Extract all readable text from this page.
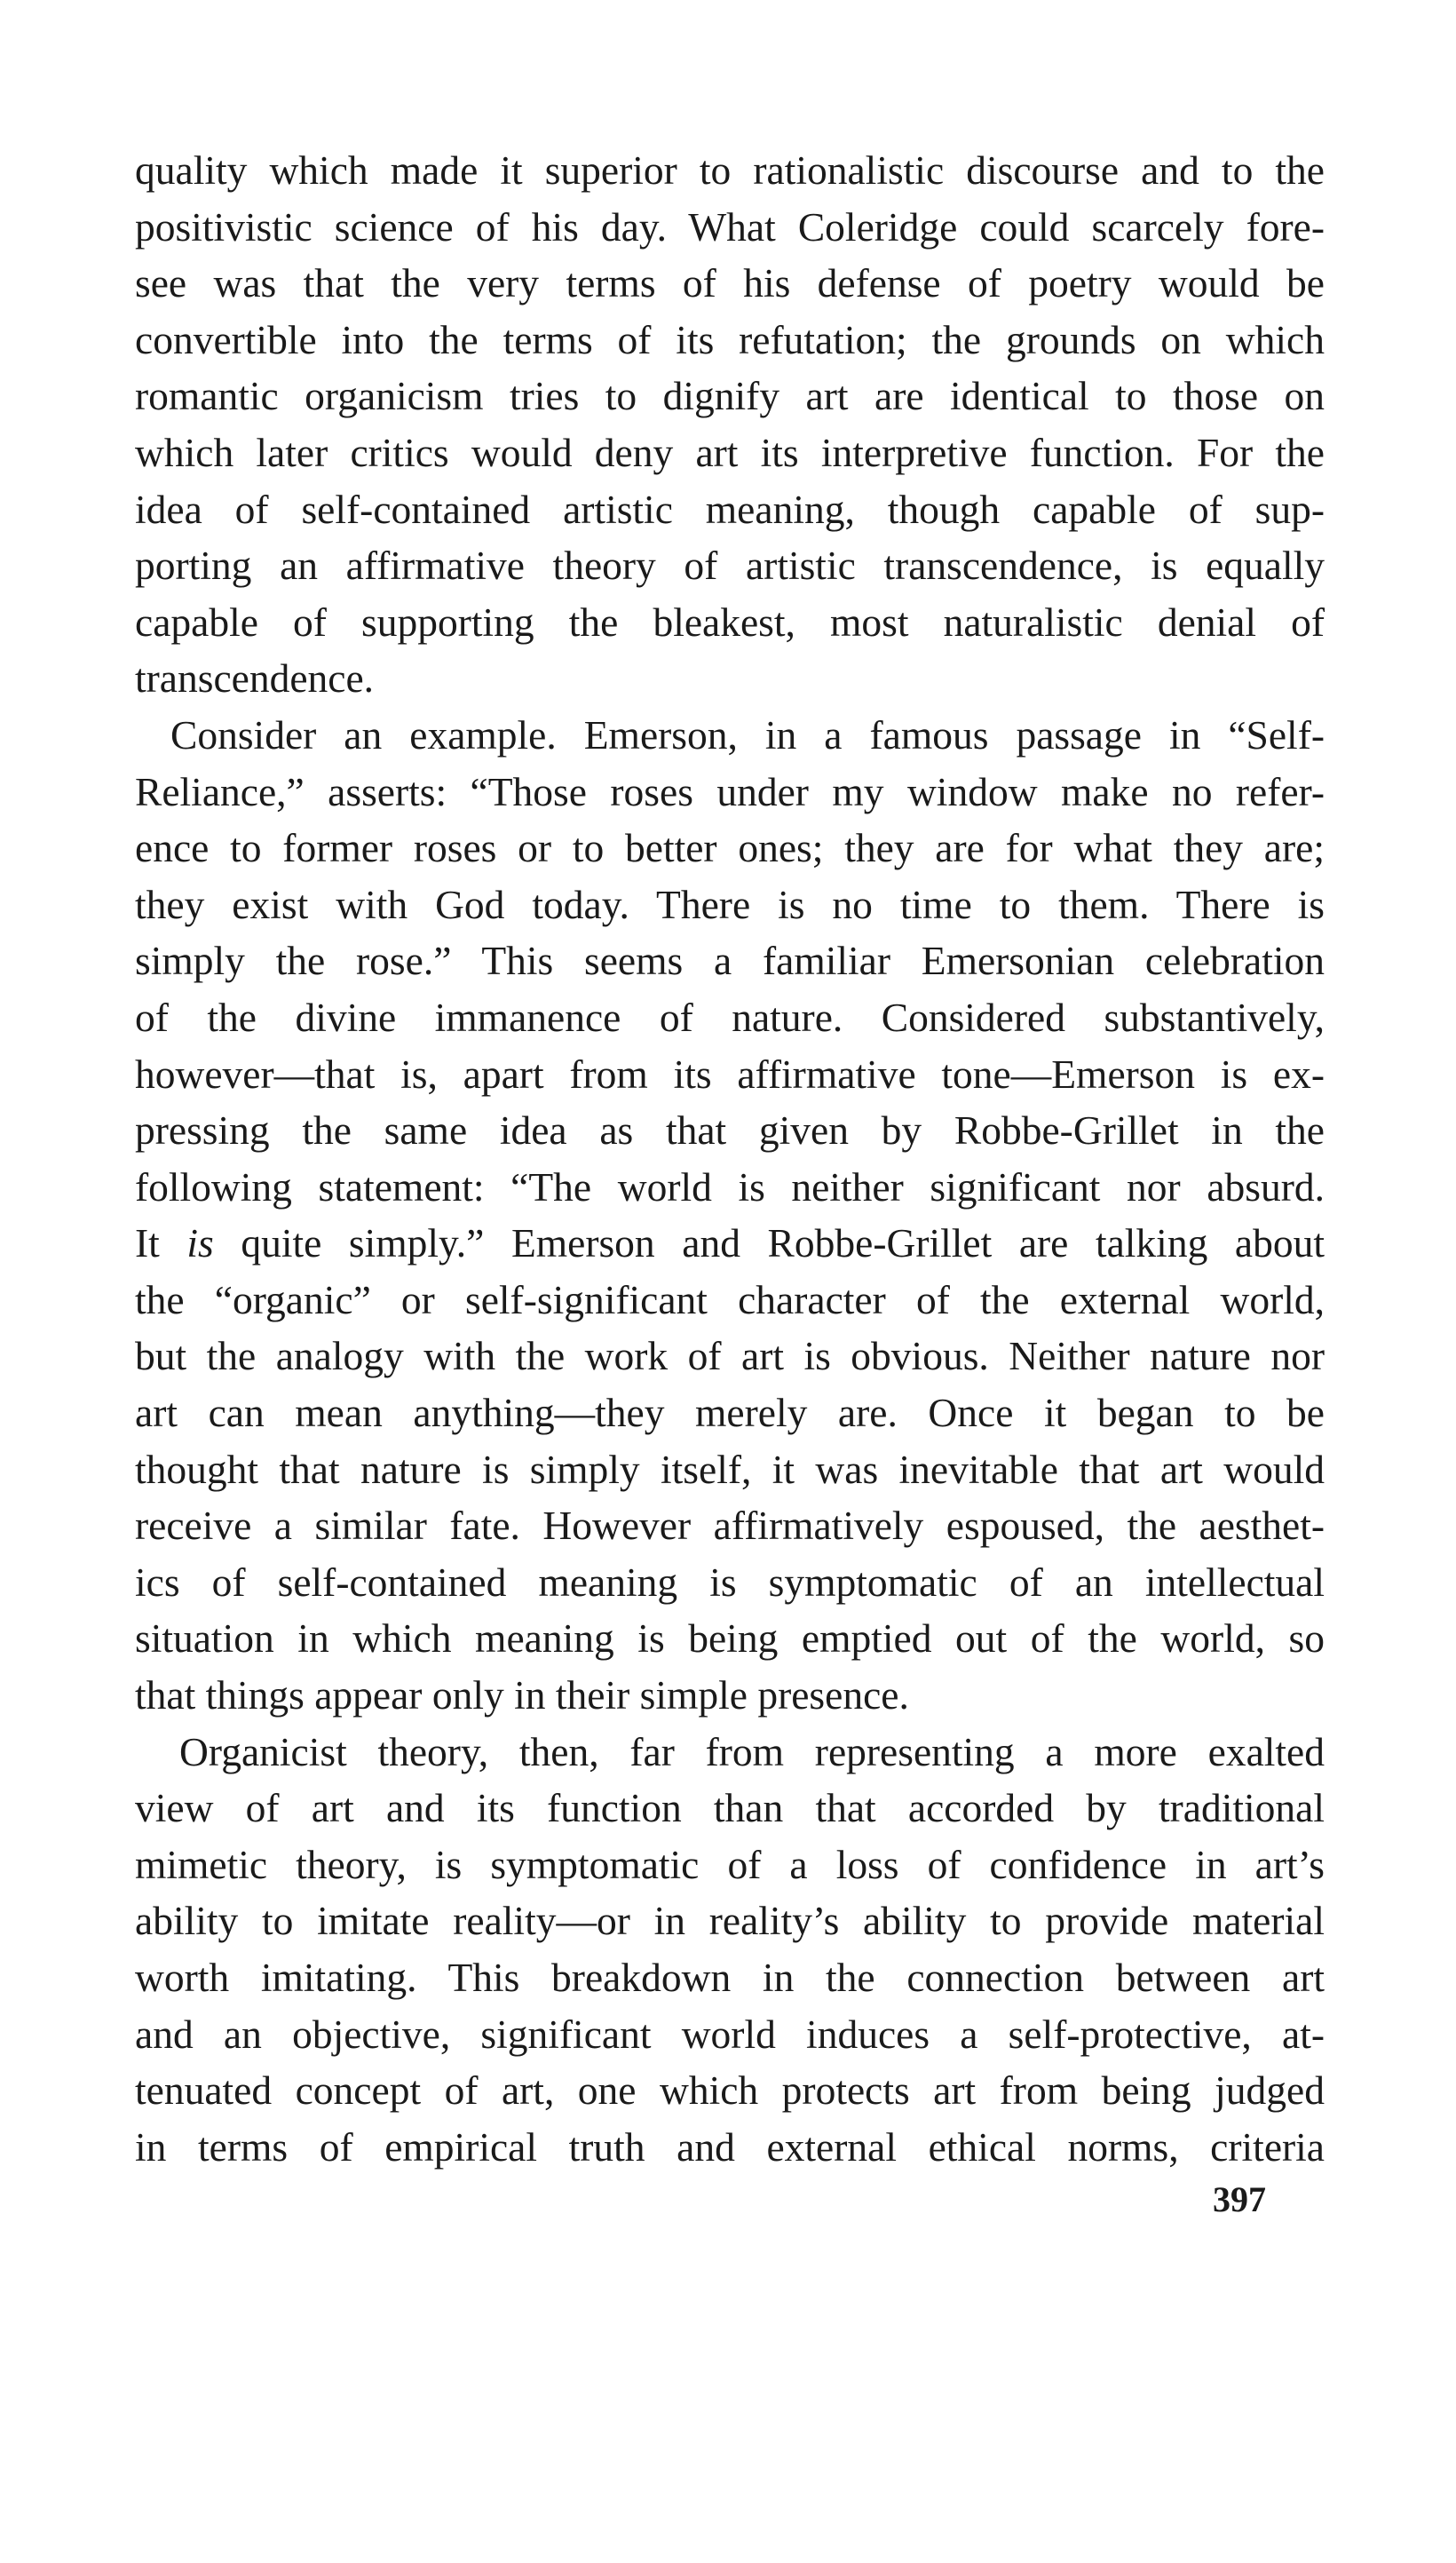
quality which made it superior to rationalistic discourse and to the
positivistic science of his day. What Coleridge could scarcely fore-
see was that the very terms of his defense of poetry would be
convertible into the terms of its refutation; the grounds on which
romantic organicism tries to dignify art are identical to those on
which later critics would deny art its interpretive function. For the
idea of self-contained artistic meaning, though capable of sup-
porting an affirmative theory of artistic transcendence, is equally
capable of supporting the bleakest, most naturalistic denial of
transcendence.
Consider an example. Emerson, in a famous passage in “Self-
Reliance,” asserts: “Those roses under my window make no refer-
ence to former roses or to better ones; they are for what they are;
they exist with God today. There is no time to them. There is
simply the rose.” This seems a familiar Emersonian celebration
of the divine immanence of nature. Considered substantively,
however—that is, apart from its affirmative tone—Emerson is ex-
pressing the same idea as that given by Robbe-Grillet in the
following statement: “The world is neither significant nor absurd.
It is quite simply.” Emerson and Robbe-Grillet are talking about
the “organic” or self-significant character of the external world,
but the analogy with the work of art is obvious. Neither nature nor
art can mean anything—they merely are. Once it began to be
thought that nature is simply itself, it was inevitable that art would
receive a similar fate. However affirmatively espoused, the aesthet-
ics of self-contained meaning is symptomatic of an intellectual
situation in which meaning is being emptied out of the world, so
that things appear only in their simple presence.
Organicist theory, then, far from representing a more exalted
view of art and its function than that accorded by traditional
mimetic theory, is symptomatic of a loss of confidence in art’s
ability to imitate reality—or in reality’s ability to provide material
worth imitating. This breakdown in the connection between art
and an objective, significant world induces a self-protective, at-
tenuated concept of art, one which protects art from being judged
in terms of empirical truth and external ethical norms, criteria
397
